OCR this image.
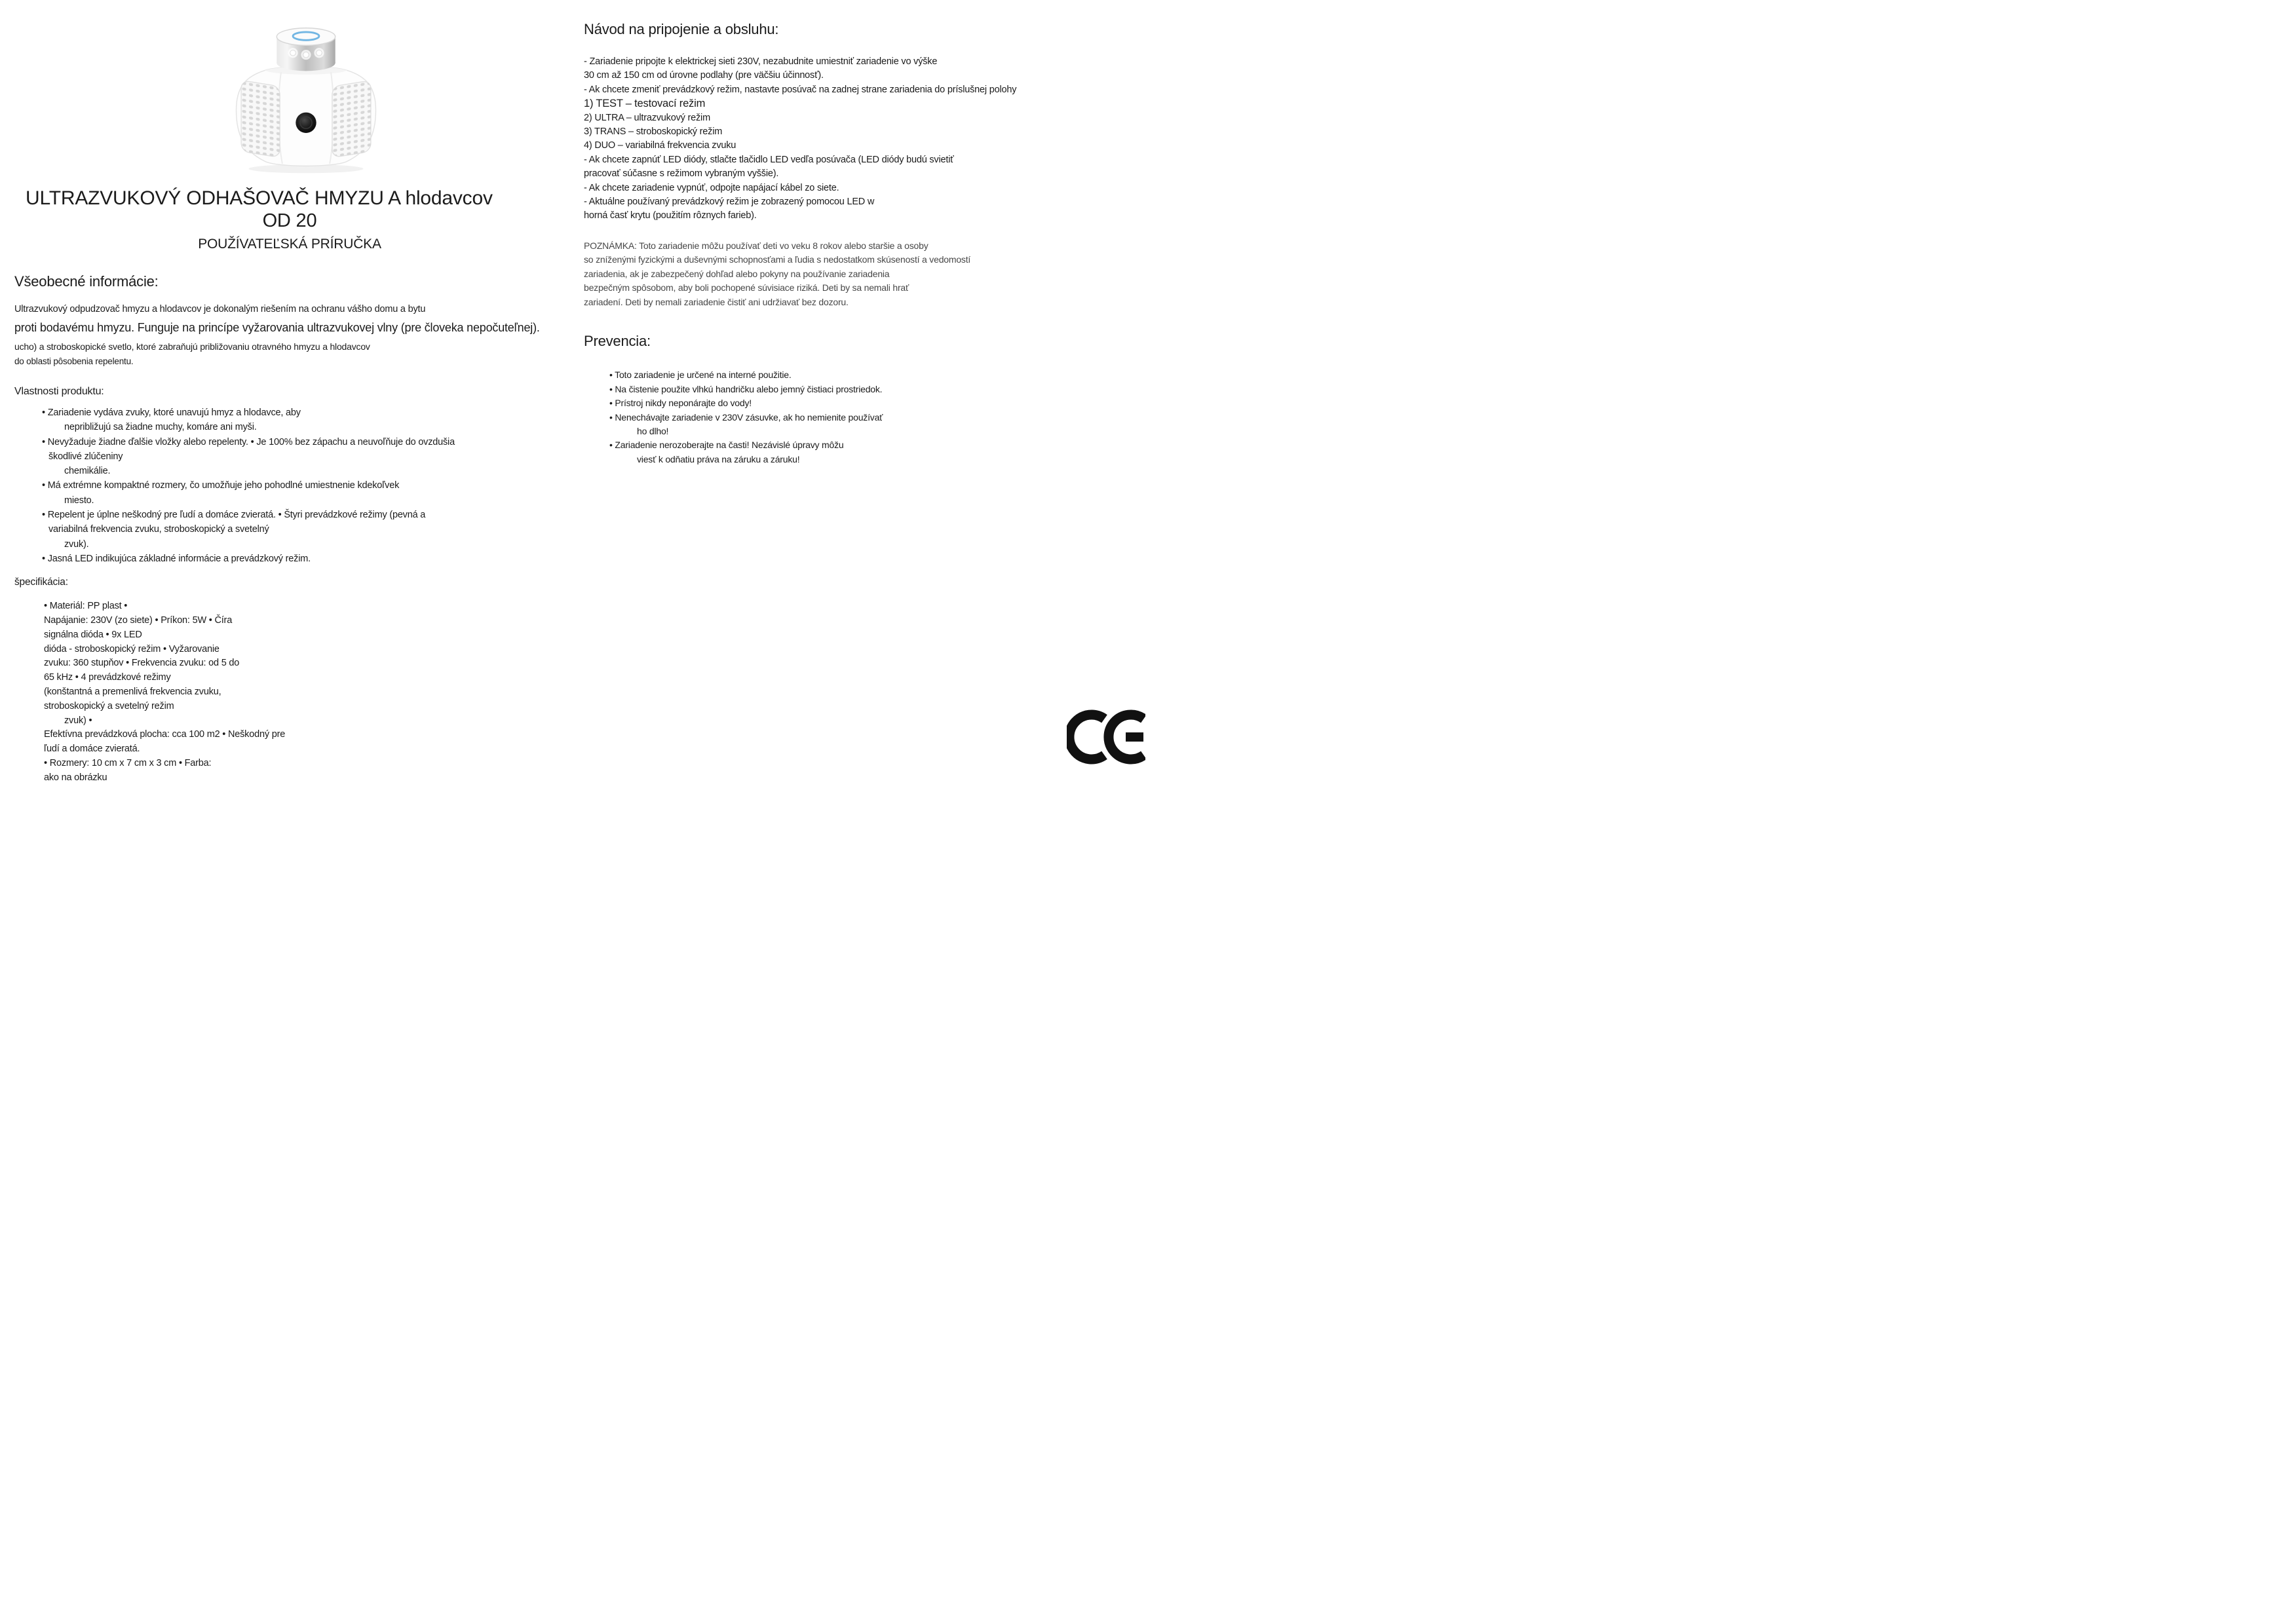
ULTRAZVUKOVÝ ODHAŠOVAČ HMYZU A hlodavcov
OD 20
POUŽÍVATEĽSKÁ PRÍRUČKA
Všeobecné informácie:
Ultrazvukový odpudzovač hmyzu a hlodavcov je dokonalým riešením na ochranu vášho domu a bytu
proti bodavému hmyzu. Funguje na princípe vyžarovania ultrazvukovej vlny (pre človeka nepočuteľnej).
ucho) a stroboskopické svetlo, ktoré zabraňujú približovaniu otravného hmyzu a hlodavcov
do oblasti pôsobenia repelentu.
Vlastnosti produktu:
• Zariadenie vydáva zvuky, ktoré unavujú hmyz a hlodavce, aby
nepribližujú sa žiadne muchy, komáre ani myši.
• Nevyžaduje žiadne ďalšie vložky alebo repelenty. • Je 100% bez zápachu a neuvoľňuje do ovzdušia
škodlivé zlúčeniny
chemikálie.
• Má extrémne kompaktné rozmery, čo umožňuje jeho pohodlné umiestnenie kdekoľvek
miesto.
• Repelent je úplne neškodný pre ľudí a domáce zvieratá. • Štyri prevádzkové režimy (pevná a
variabilná frekvencia zvuku, stroboskopický a svetelný
zvuk).
• Jasná LED indikujúca základné informácie a prevádzkový režim.
špecifikácia:
• Materiál: PP plast •
Napájanie: 230V (zo siete) • Príkon: 5W • Číra
signálna dióda • 9x LED
dióda - stroboskopický režim • Vyžarovanie
zvuku: 360 stupňov • Frekvencia zvuku: od 5 do
65 kHz • 4 prevádzkové režimy
(konštantná a premenlivá frekvencia zvuku,
stroboskopický a svetelný režim
zvuk) •
Efektívna prevádzková plocha: cca 100 m2 • Neškodný pre
ľudí a domáce zvieratá.
• Rozmery: 10 cm x 7 cm x 3 cm • Farba:
ako na obrázku
Návod na pripojenie a obsluhu:
- Zariadenie pripojte k elektrickej sieti 230V, nezabudnite umiestniť zariadenie vo výške
30 cm až 150 cm od úrovne podlahy (pre väčšiu účinnosť).
- Ak chcete zmeniť prevádzkový režim, nastavte posúvač na zadnej strane zariadenia do príslušnej polohy
1) TEST – testovací režim
2) ULTRA – ultrazvukový režim
3) TRANS – stroboskopický režim
4) DUO – variabilná frekvencia zvuku
- Ak chcete zapnúť LED diódy, stlačte tlačidlo LED vedľa posúvača (LED diódy budú svietiť
pracovať súčasne s režimom vybraným vyššie).
- Ak chcete zariadenie vypnúť, odpojte napájací kábel zo siete.
- Aktuálne používaný prevádzkový režim je zobrazený pomocou LED w
horná časť krytu (použitím rôznych farieb).
POZNÁMKA: Toto zariadenie môžu používať deti vo veku 8 rokov alebo staršie a osoby
so zníženými fyzickými a duševnými schopnosťami a ľudia s nedostatkom skúseností a vedomostí
zariadenia, ak je zabezpečený dohľad alebo pokyny na používanie zariadenia
bezpečným spôsobom, aby boli pochopené súvisiace riziká. Deti by sa nemali hrať
zariadení. Deti by nemali zariadenie čistiť ani udržiavať bez dozoru.
Prevencia:
• Toto zariadenie je určené na interné použitie.
• Na čistenie použite vlhkú handričku alebo jemný čistiaci prostriedok.
• Prístroj nikdy neponárajte do vody!
• Nenechávajte zariadenie v 230V zásuvke, ak ho nemienite používať
ho dlho!
• Zariadenie nerozoberajte na časti! Nezávislé úpravy môžu
viesť k odňatiu práva na záruku a záruku!
